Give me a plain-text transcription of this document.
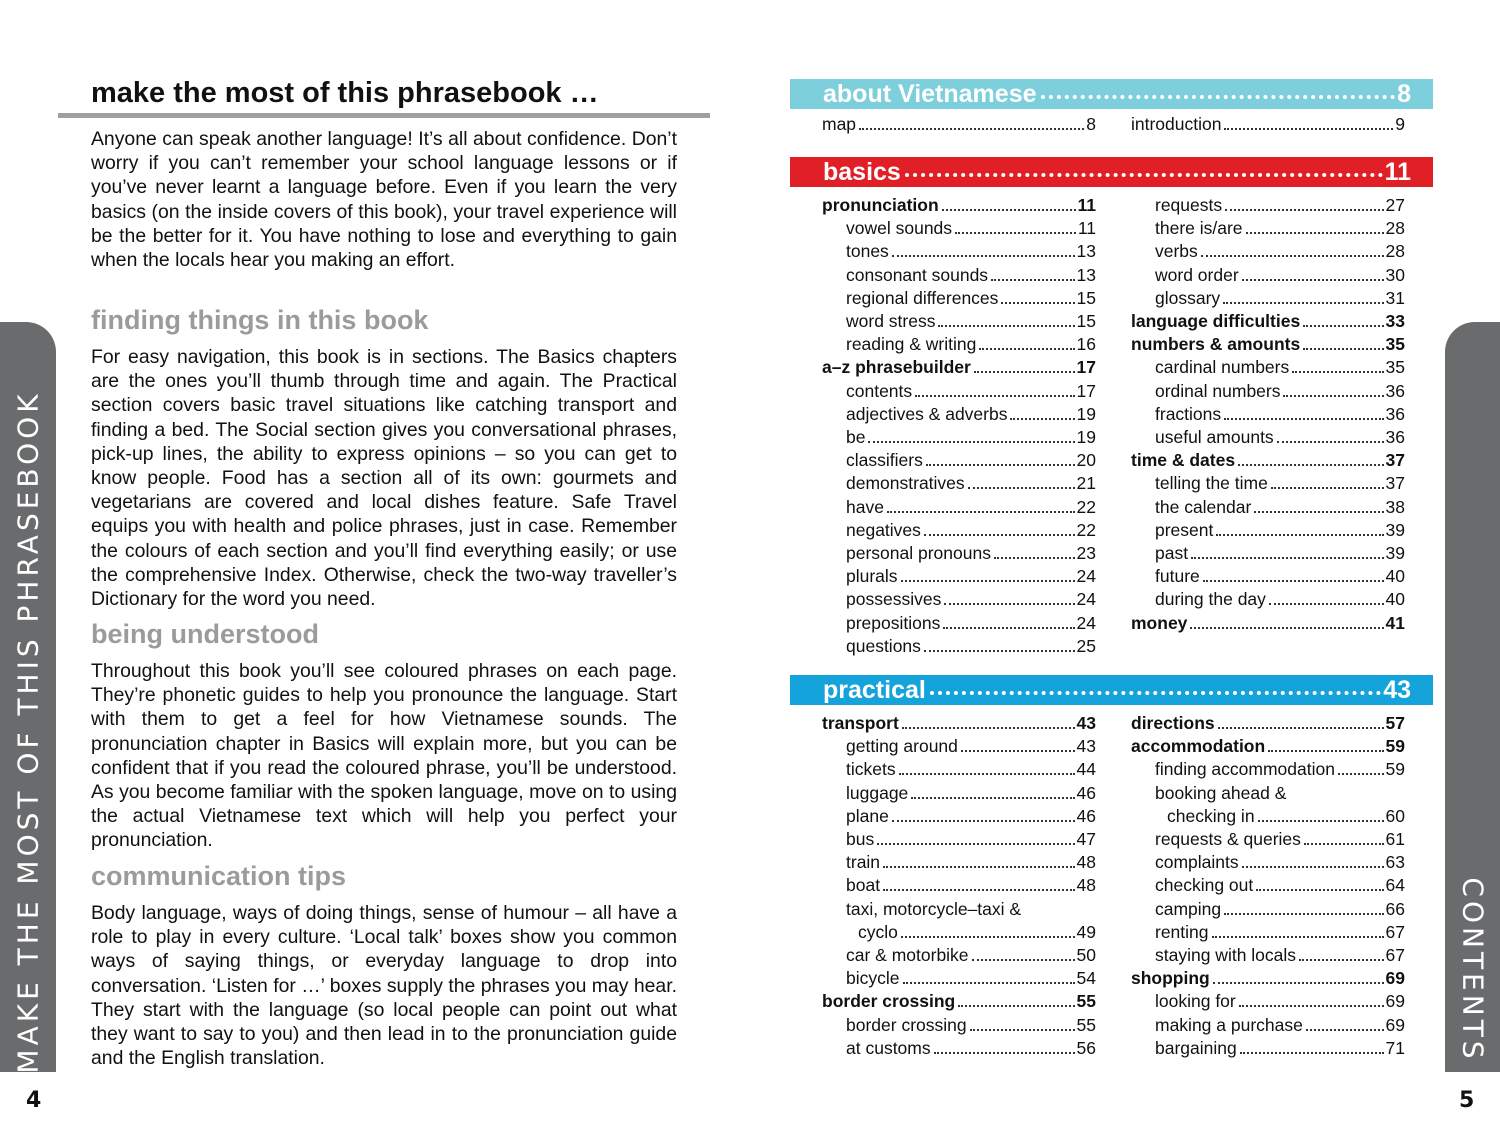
MAKE THE MOST OF THIS PHRASEBOOK
4
make the most of this phrasebook …

Anyone can speak another language! It’s all about confidence. Don’t worry if you can’t remember your school language lessons or if you’ve never learnt a language before. Even if you learn the very basics (on the inside covers of this book), your travel experience will be the better for it. You have nothing to lose and everything to gain when the locals hear you making an effort.

finding things in this book

For easy navigation, this book is in sections. The Basics chapters are the ones you’ll thumb through time and again. The Practical section covers basic travel situations like catching transport and finding a bed. The Social section gives you conversational phrases, pick-up lines, the ability to express opinions – so you can get to know people. Food has a section all of its own: gourmets and vegetarians are covered and local dishes feature. Safe Travel equips you with health and police phrases, just in case. Remember the colours of each section and you’ll find everything easily; or use the comprehensive Index. Otherwise, check the two-way traveller’s Dictionary for the word you need.

being understood

Throughout this book you’ll see coloured phrases on each page. They’re phonetic guides to help you pronounce the language. Start with them to get a feel for how Vietnamese sounds. The pronunciation chapter in Basics will explain more, but you can be confident that if you read the coloured phrase, you’ll be understood. As you become familiar with the spoken language, move on to using the actual Vietnamese text which will help you perfect your pronunciation.

communication tips

Body language, ways of doing things, sense of humour – all have a role to play in every culture. ‘Local talk’ boxes show you common ways of saying things, or everyday language to drop into conversation. ‘Listen for …’ boxes supply the phrases you may hear. They start with the language (so local people can point out what they want to say to you) and then lead in to the pronunciation guide and the English translation.	CONTENTS
5
about Vietnamese	8
map	8 introduction	9
basics	11
pronunciation	11
vowel sounds	11
tones	13
consonant sounds	13
regional differences	15
word stress	15
reading & writing	16
a–z phrasebuilder	17
contents	17
adjectives & adverbs	19
be	19
classifiers	20
demonstratives	21
have	22
negatives	22
personal pronouns	23
plurals	24
possessives	24
prepositions	24
questions	25
requests	27
there is/are	28
verbs	28
word order	30
glossary	31
language difficulties	33
numbers & amounts	35
cardinal numbers	35
ordinal numbers	36
fractions	36
useful amounts	36
time & dates	37
telling the time	37
the calendar	38
present	39
past	39
future	40
during the day	40
money	41
practical	43
transport	43
getting around	43
tickets	44
luggage	46
plane	46
bus	47
train	48
boat	48
taxi, motorcycle–taxi &
cyclo	49
car & motorbike	50
bicycle	54
border crossing	55
border crossing	55
at customs	56
directions	57
accommodation	59
finding accommodation	59
booking ahead &
checking in	60
requests & queries	61
complaints	63
checking out	64
camping	66
renting	67
staying with locals	67
shopping	69
looking for	69
making a purchase	69
bargaining	71
